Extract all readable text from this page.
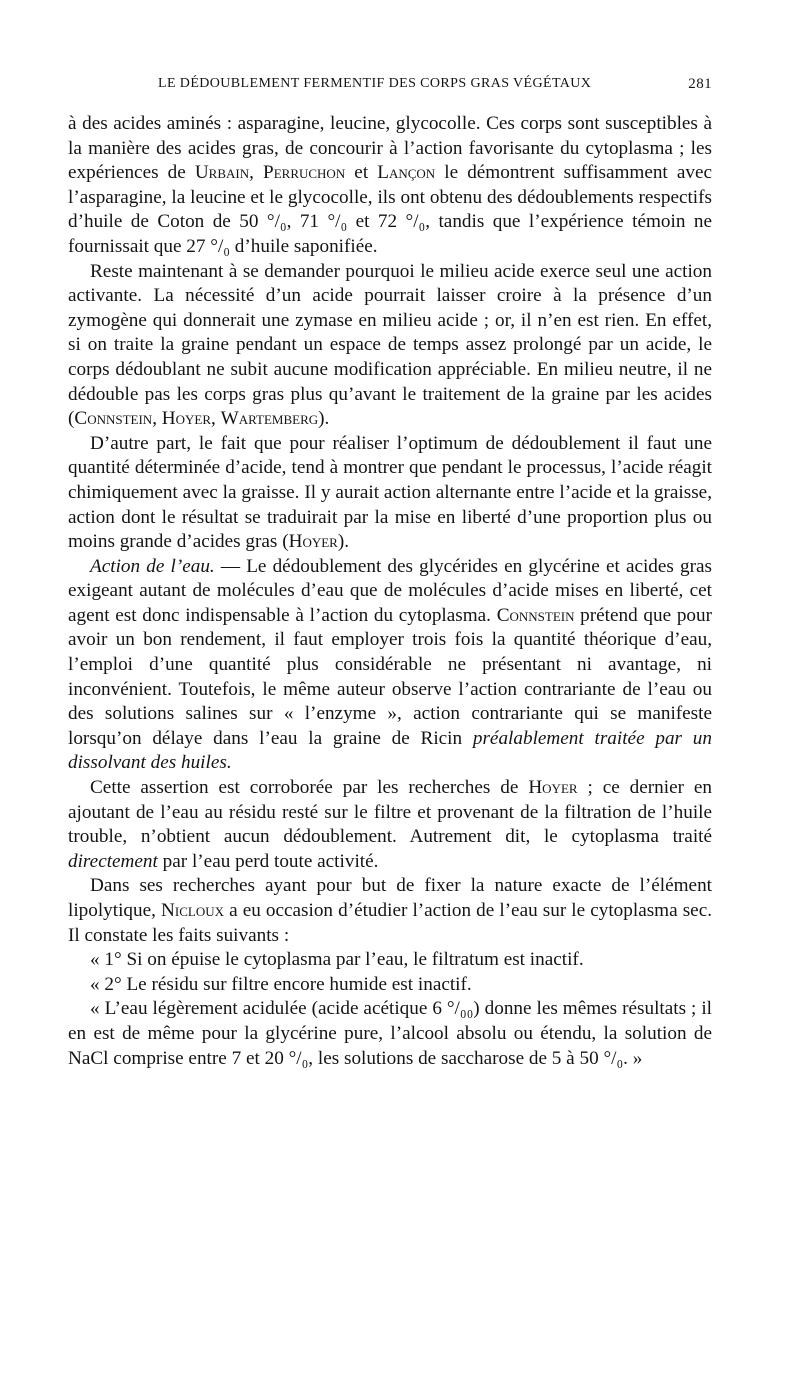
LE DÉDOUBLEMENT FERMENTIF DES CORPS GRAS VÉGÉTAUX	281

à des acides aminés : asparagine, leucine, glycocolle. Ces corps sont susceptibles à la manière des acides gras, de concourir à l’action favorisante du cytoplasma ; les expériences de Urbain, Perruchon et Lançon le démontrent suffisamment avec l’asparagine, la leucine et le glycocolle, ils ont obtenu des dédoublements respectifs d’huile de Coton de 50 °/₀, 71 °/₀ et 72 °/₀, tandis que l’expérience témoin ne fournissait que 27 °/₀ d’huile saponifiée.

Reste maintenant à se demander pourquoi le milieu acide exerce seul une action activante. La nécessité d’un acide pourrait laisser croire à la présence d’un zymogène qui donnerait une zymase en milieu acide ; or, il n’en est rien. En effet, si on traite la graine pendant un espace de temps assez prolongé par un acide, le corps dédoublant ne subit aucune modification appréciable. En milieu neutre, il ne dédouble pas les corps gras plus qu’avant le traitement de la graine par les acides (Connstein, Hoyer, Wartemberg).

D’autre part, le fait que pour réaliser l’optimum de dédoublement il faut une quantité déterminée d’acide, tend à montrer que pendant le processus, l’acide réagit chimiquement avec la graisse. Il y aurait action alternante entre l’acide et la graisse, action dont le résultat se traduirait par la mise en liberté d’une proportion plus ou moins grande d’acides gras (Hoyer).

Action de l’eau. — Le dédoublement des glycérides en glycérine et acides gras exigeant autant de molécules d’eau que de molécules d’acide mises en liberté, cet agent est donc indispensable à l’action du cytoplasma. Connstein prétend que pour avoir un bon rendement, il faut employer trois fois la quantité théorique d’eau, l’emploi d’une quantité plus considérable ne présentant ni avantage, ni inconvénient. Toutefois, le même auteur observe l’action contrariante de l’eau ou des solutions salines sur « l’enzyme », action contrariante qui se manifeste lorsqu’on délaye dans l’eau la graine de Ricin préalablement traitée par un dissolvant des huiles.

Cette assertion est corroborée par les recherches de Hoyer ; ce dernier en ajoutant de l’eau au résidu resté sur le filtre et provenant de la filtration de l’huile trouble, n’obtient aucun dédoublement. Autrement dit, le cytoplasma traité directement par l’eau perd toute activité.

Dans ses recherches ayant pour but de fixer la nature exacte de l’élément lipolytique, Nicloux a eu occasion d’étudier l’action de l’eau sur le cytoplasma sec. Il constate les faits suivants :

« 1° Si on épuise le cytoplasma par l’eau, le filtratum est inactif.

« 2° Le résidu sur filtre encore humide est inactif.

« L’eau légèrement acidulée (acide acétique 6 °/₀₀) donne les mêmes résultats ; il en est de même pour la glycérine pure, l’alcool absolu ou étendu, la solution de NaCl comprise entre 7 et 20 °/₀, les solutions de saccharose de 5 à 50 °/₀. »
